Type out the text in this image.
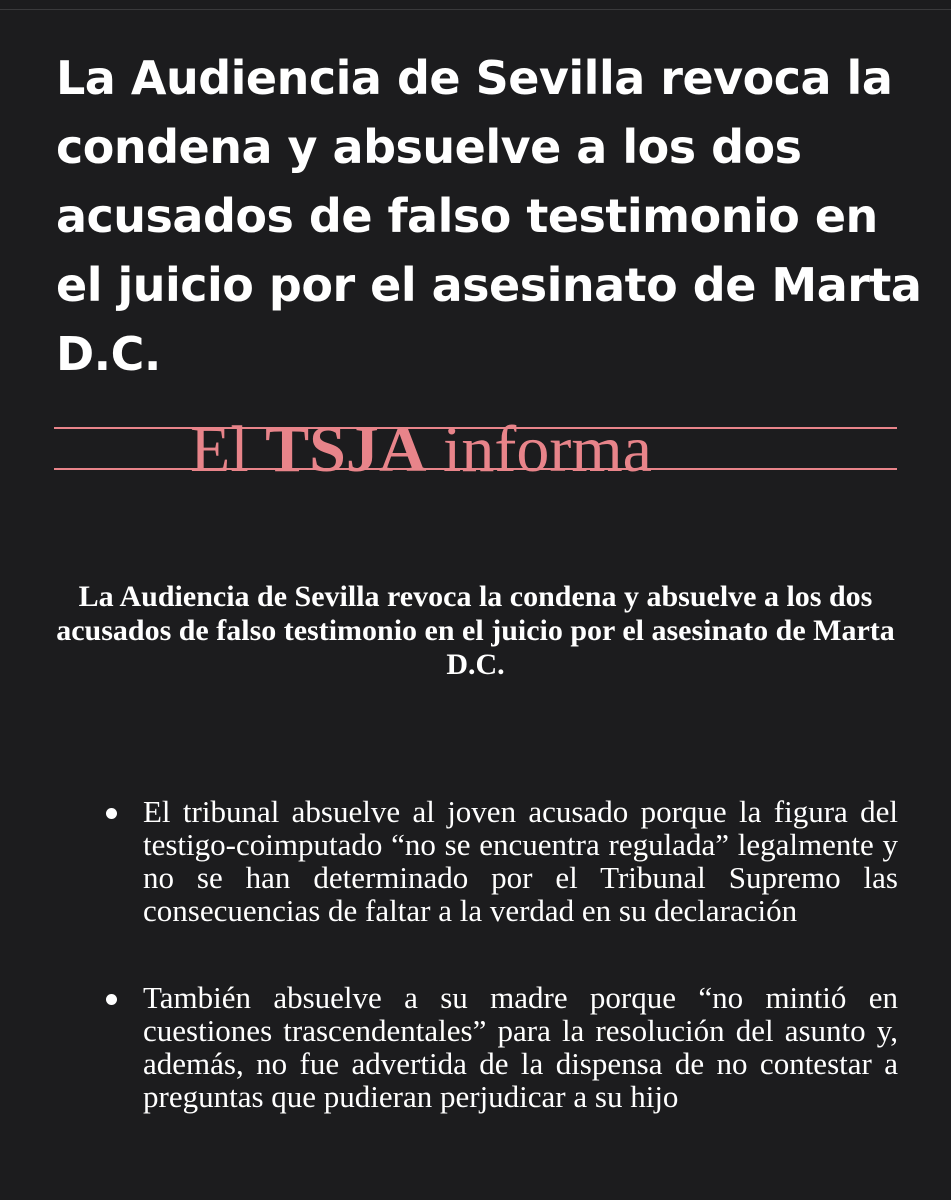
La Audiencia de Sevilla revoca la condena y absuelve a los dos acusados de falso testimonio en el juicio por el asesinato de Marta D.C.
El TSJA informa

La Audiencia de Sevilla revoca la condena y absuelve a los dos acusados de falso testimonio en el juicio por el asesinato de Marta D.C.

El tribunal absuelve al joven acusado porque la figura del testigo-coimputado “no se encuentra regulada” legalmente y no se han determinado por el Tribunal Supremo las consecuencias de faltar a la verdad en su declaración
También absuelve a su madre porque “no mintió en cuestiones trascendentales” para la resolución del asunto y, además, no fue advertida de la dispensa de no contestar a preguntas que pudieran perjudicar a su hijo
